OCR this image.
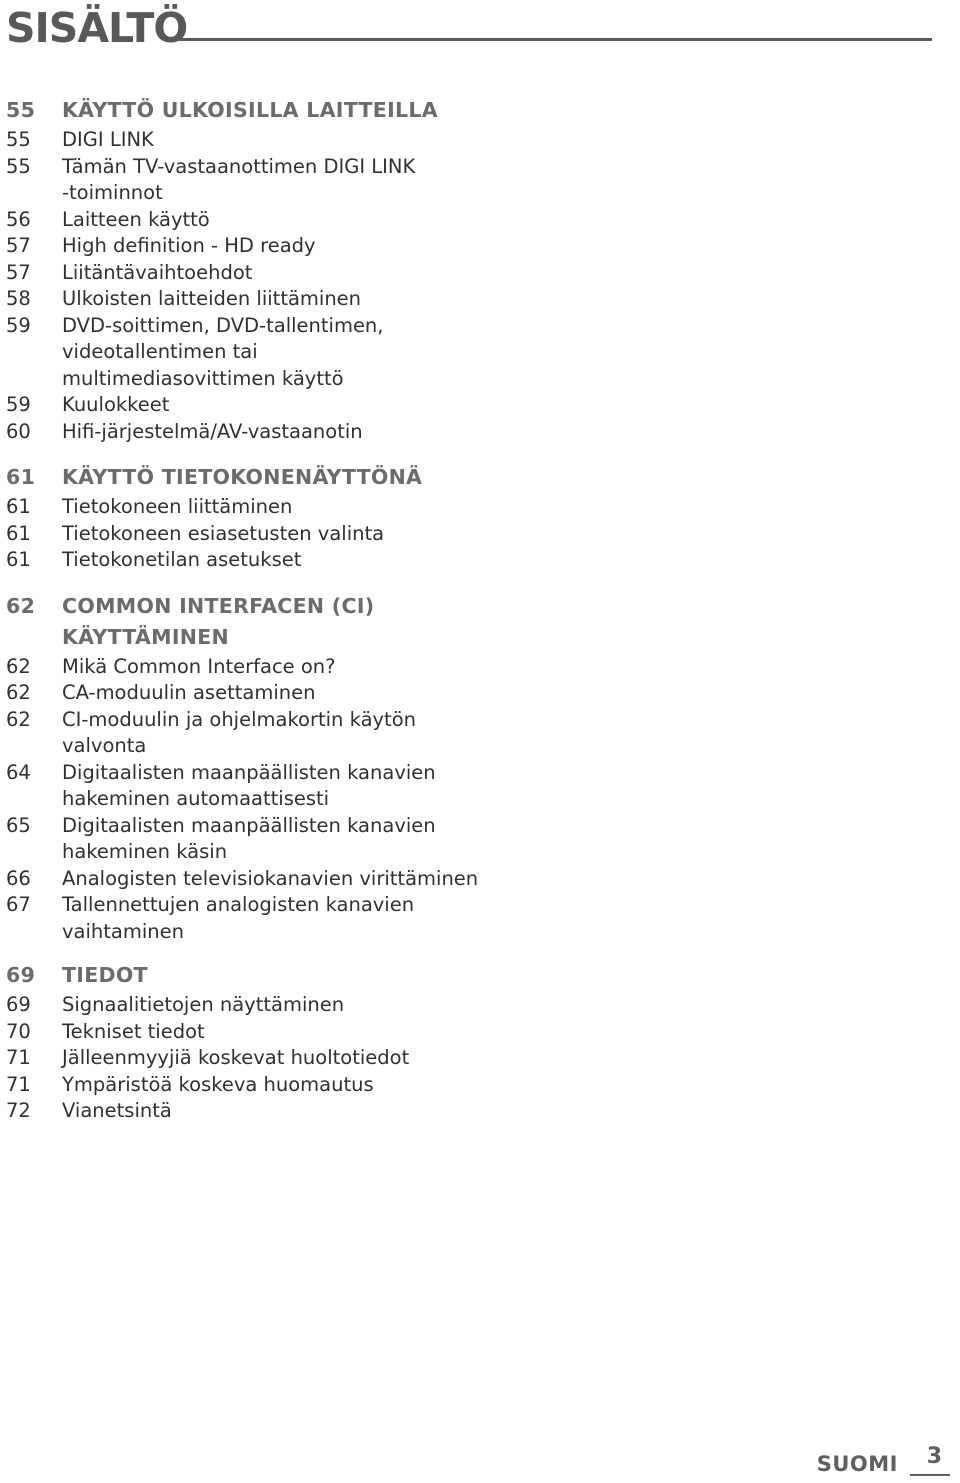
SISÄLTÖ
55	KÄYTTÖ ULKOISILLA LAITTEILLA
55	DIGI LINK
55	Tämän TV-vastaanottimen DIGI LINK
-toiminnot
56	Laitteen käyttö
57	High definition - HD ready
57	Liitäntävaihtoehdot
58	Ulkoisten laitteiden liittäminen
59	DVD-soittimen, DVD-tallentimen,
videotallentimen tai
multimediasovittimen käyttö
59	Kuulokkeet
60	Hifi-järjestelmä/AV-vastaanotin
61	KÄYTTÖ TIETOKONENÄYTTÖNÄ
61	Tietokoneen liittäminen
61	Tietokoneen esiasetusten valinta
61	Tietokonetilan asetukset
62	COMMON INTERFACEN (CI)
KÄYTTÄMINEN
62	Mikä Common Interface on?
62	CA-moduulin asettaminen
62	CI-moduulin ja ohjelmakortin käytön
valvonta
64	Digitaalisten maanpäällisten kanavien
hakeminen automaattisesti
65	Digitaalisten maanpäällisten kanavien
hakeminen käsin
66	Analogisten televisiokanavien virittäminen
67	Tallennettujen analogisten kanavien
vaihtaminen
69	TIEDOT
69	Signaalitietojen näyttäminen
70	Tekniset tiedot
71	Jälleenmyyjiä koskevat huoltotiedot
71	Ympäristöä koskeva huomautus
72	Vianetsintä
SUOMI 3
